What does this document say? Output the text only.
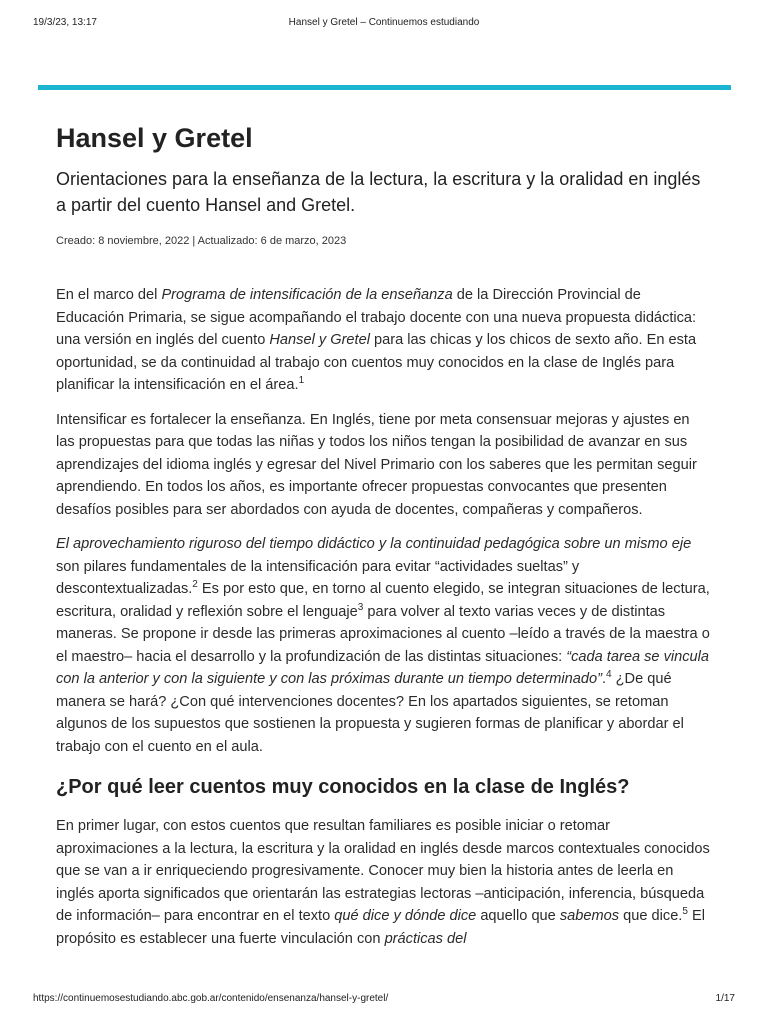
19/3/23, 13:17	Hansel y Gretel – Continuemos estudiando
Hansel y Gretel

Orientaciones para la enseñanza de la lectura, la escritura y la oralidad en inglés a partir del cuento Hansel and Gretel.

Creado: 8 noviembre, 2022 | Actualizado: 6 de marzo, 2023

En el marco del Programa de intensificación de la enseñanza de la Dirección Provincial de Educación Primaria, se sigue acompañando el trabajo docente con una nueva propuesta didáctica: una versión en inglés del cuento Hansel y Gretel para las chicas y los chicos de sexto año. En esta oportunidad, se da continuidad al trabajo con cuentos muy conocidos en la clase de Inglés para planificar la intensificación en el área.$^1$

Intensificar es fortalecer la enseñanza. En Inglés, tiene por meta consensuar mejoras y ajustes en las propuestas para que todas las niñas y todos los niños tengan la posibilidad de avanzar en sus aprendizajes del idioma inglés y egresar del Nivel Primario con los saberes que les permitan seguir aprendiendo. En todos los años, es importante ofrecer propuestas convocantes que presenten desafíos posibles para ser abordados con ayuda de docentes, compañeras y compañeros.

El aprovechamiento riguroso del tiempo didáctico y la continuidad pedagógica sobre un mismo eje son pilares fundamentales de la intensificación para evitar “actividades sueltas” y descontextualizadas.$^2$ Es por esto que, en torno al cuento elegido, se integran situaciones de lectura, escritura, oralidad y reflexión sobre el lenguaje$^3$ para volver al texto varias veces y de distintas maneras. Se propone ir desde las primeras aproximaciones al cuento –leído a través de la maestra o el maestro– hacia el desarrollo y la profundización de las distintas situaciones: “cada tarea se vincula con la anterior y con la siguiente y con las próximas durante un tiempo determinado”.$^4$ ¿De qué manera se hará? ¿Con qué intervenciones docentes? En los apartados siguientes, se retoman algunos de los supuestos que sostienen la propuesta y sugieren formas de planificar y abordar el trabajo con el cuento en el aula.

¿Por qué leer cuentos muy conocidos en la clase de Inglés?

En primer lugar, con estos cuentos que resultan familiares es posible iniciar o retomar aproximaciones a la lectura, la escritura y la oralidad en inglés desde marcos contextuales conocidos que se van a ir enriqueciendo progresivamente. Conocer muy bien la historia antes de leerla en inglés aporta significados que orientarán las estrategias lectoras –anticipación, inferencia, búsqueda de información– para encontrar en el texto qué dice y dónde dice aquello que sabemos que dice.$^5$ El propósito es establecer una fuerte vinculación con prácticas del

https://continuemosestudiando.abc.gob.ar/contenido/ensenanza/hansel-y-gretel/	1/17
